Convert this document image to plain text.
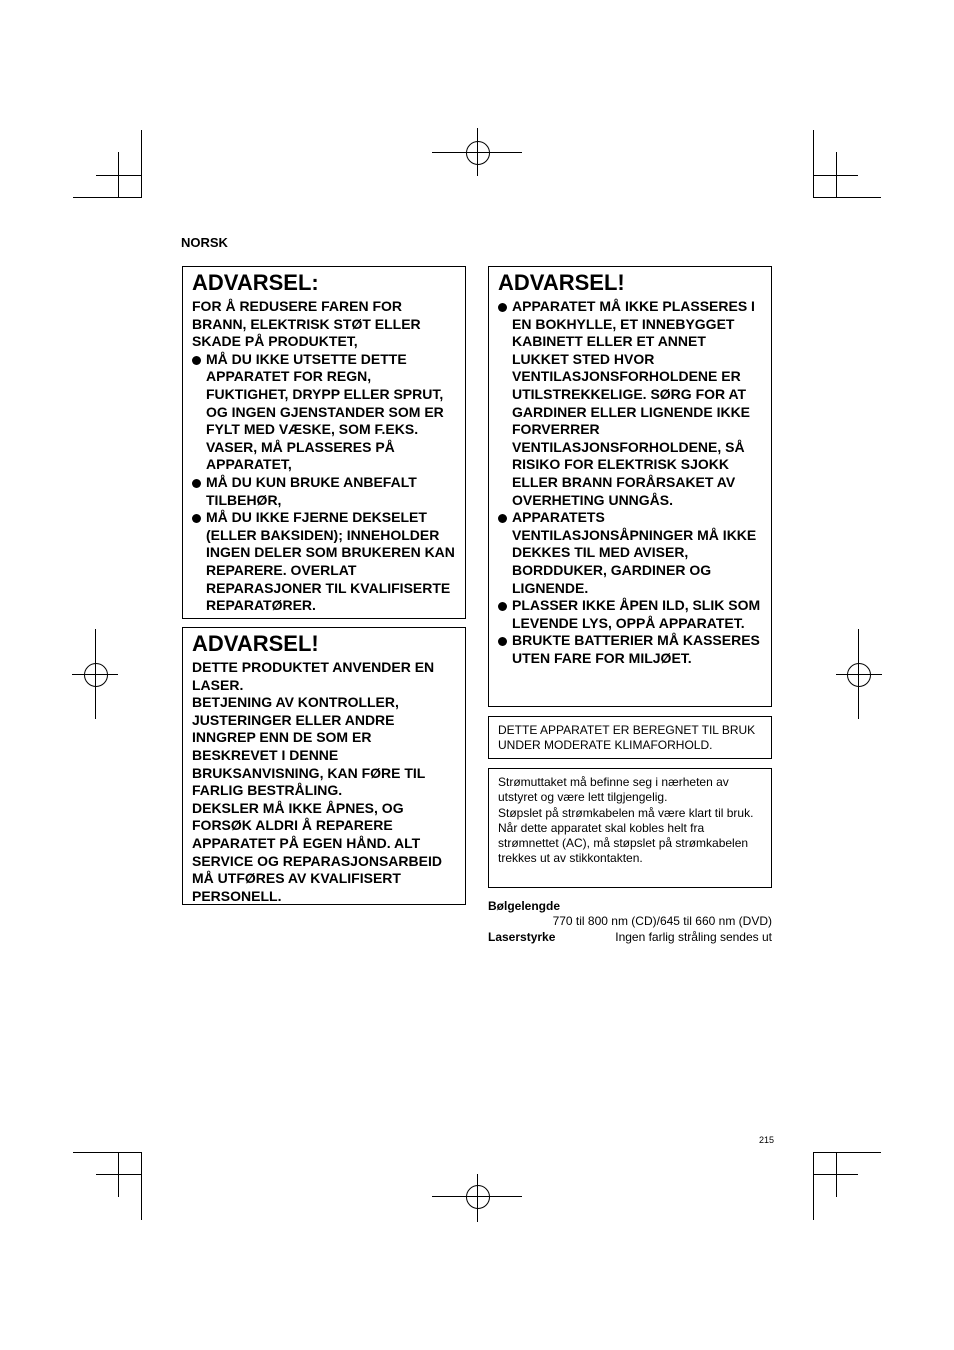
NORSK
ADVARSEL:
FOR Å REDUSERE FAREN FOR BRANN, ELEKTRISK STØT ELLER SKADE PÅ PRODUKTET,
MÅ DU IKKE UTSETTE DETTE APPARATET FOR REGN, FUKTIGHET, DRYPP ELLER SPRUT, OG INGEN GJENSTANDER SOM ER FYLT MED VÆSKE, SOM F.EKS. VASER, MÅ PLASSERES PÅ APPARATET,
MÅ DU KUN BRUKE ANBEFALT TILBEHØR,
MÅ DU IKKE FJERNE DEKSELET (ELLER BAKSIDEN); INNEHOLDER INGEN DELER SOM BRUKEREN KAN REPARERE. OVERLAT REPARASJONER TIL KVALIFISERTE REPARATØRER.
ADVARSEL!
DETTE PRODUKTET ANVENDER EN LASER.
BETJENING AV KONTROLLER, JUSTERINGER ELLER ANDRE INNGREP ENN DE SOM ER BESKREVET I DENNE BRUKSANVISNING, KAN FØRE TIL FARLIG BESTRÅLING.
DEKSLER MÅ IKKE ÅPNES, OG FORSØK ALDRI Å REPARERE APPARATET PÅ EGEN HÅND. ALT SERVICE OG REPARASJONSARBEID MÅ UTFØRES AV KVALIFISERT PERSONELL.
ADVARSEL!
APPARATET MÅ IKKE PLASSERES I EN BOKHYLLE, ET INNEBYGGET KABINETT ELLER ET ANNET LUKKET STED HVOR VENTILASJONSFORHOLDENE ER UTILSTREKKELIGE. SØRG FOR AT GARDINER ELLER LIGNENDE IKKE FORVERRER VENTILASJONSFORHOLDENE, SÅ RISIKO FOR ELEKTRISK SJOKK ELLER BRANN FORÅRSAKET AV OVERHETING UNNGÅS.
APPARATETS VENTILASJONSÅPNINGER MÅ IKKE DEKKES TIL MED AVISER, BORDDUKER, GARDINER OG LIGNENDE.
PLASSER IKKE ÅPEN ILD, SLIK SOM LEVENDE LYS, OPPÅ APPARATET.
BRUKTE BATTERIER MÅ KASSERES UTEN FARE FOR MILJØET.
DETTE APPARATET ER BEREGNET TIL BRUK UNDER MODERATE KLIMAFORHOLD.
Strømuttaket må befinne seg i nærheten av utstyret og være lett tilgjengelig.
Støpslet på strømkabelen må være klart til bruk.
Når dette apparatet skal kobles helt fra strømnettet (AC), må støpslet på strømkabelen trekkes ut av stikkontakten.
Bølgelengde
770 til 800 nm (CD)/645 til 660 nm (DVD)
Laserstyrke	Ingen farlig stråling sendes ut
215
